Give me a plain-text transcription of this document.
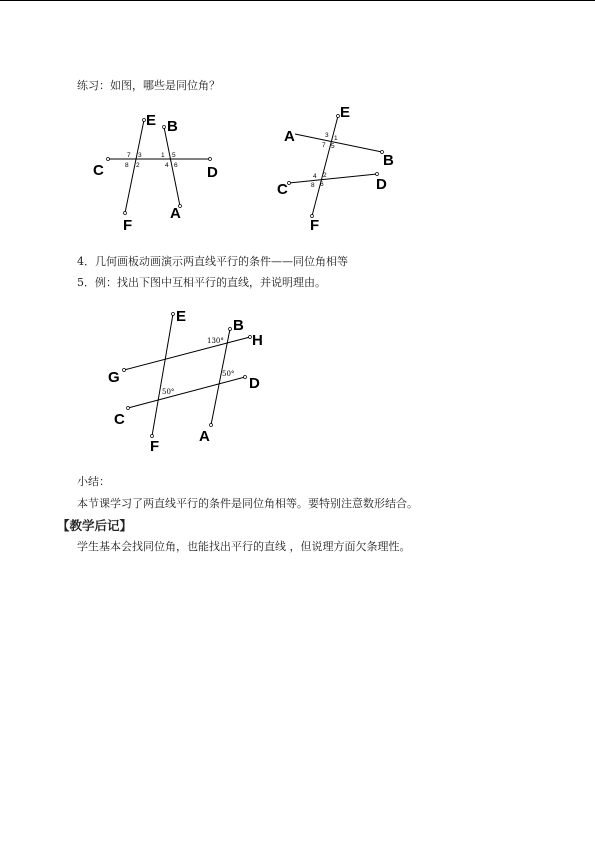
练习：如图，哪些是同位角？
E B
C	D
F
A
7 3	1 5
8 2	4 6
E
A
B
C	D
F
3 1
7 5
4 2
8 6
4．几何画板动画演示两直线平行的条件——同位角相等
5．例：找出下图中互相平行的直线，并说明理由。
E
B
H
G	D
C
A
F
130°
50°
50°
小结：
本节课学习了两直线平行的条件是同位角相等。要特别注意数形结合。
【教学后记】
学生基本会找同位角，也能找出平行的直线 ，但说理方面欠条理性。
